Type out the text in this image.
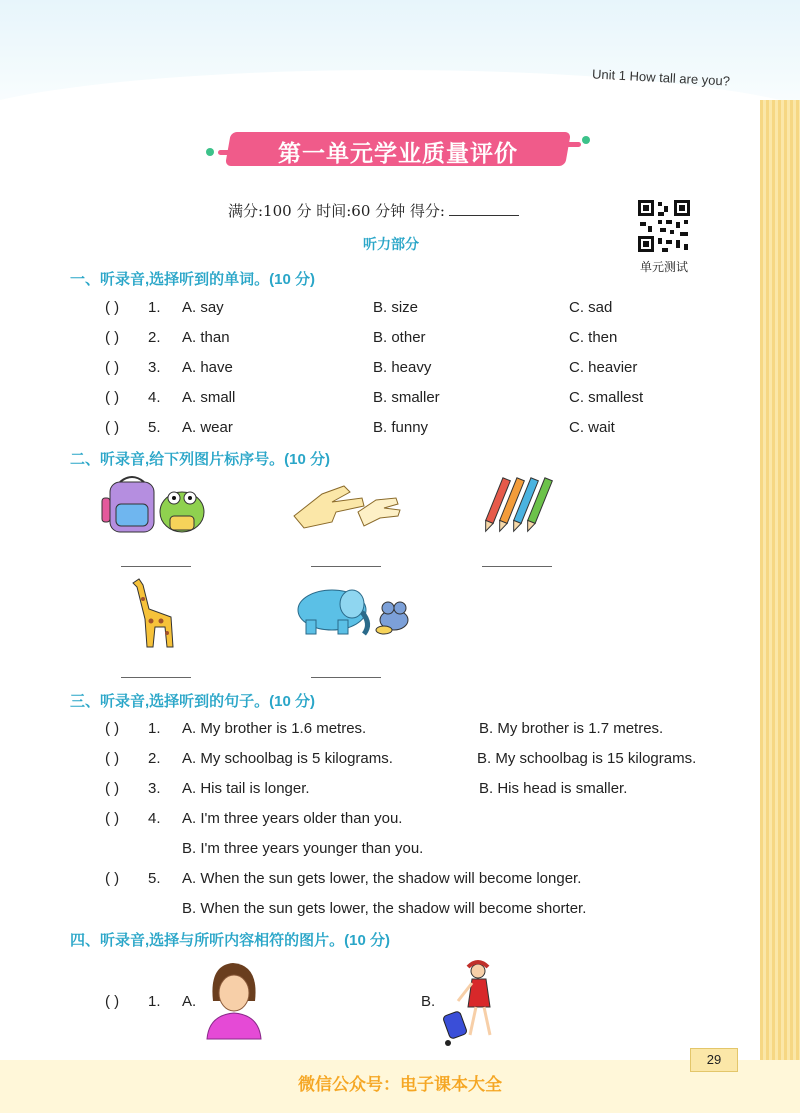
Unit 1 How tall are you?
第一单元学业质量评价
满分:100 分 时间:60 分钟 得分:
听力部分
单元测试
一、听录音,选择听到的单词。(10 分)
( ) 1. A. say	B. size	C. sad
( ) 2. A. than	B. other	C. then
( ) 3. A. have	B. heavy	C. heavier
( ) 4. A. small	B. smaller	C. smallest
( ) 5. A. wear	B. funny	C. wait
二、听录音,给下列图片标序号。(10 分)
三、听录音,选择听到的句子。(10 分)
( ) 1. A. My brother is 1.6 metres.	B. My brother is 1.7 metres.
( ) 2. A. My schoolbag is 5 kilograms.	B. My schoolbag is 15 kilograms.
( ) 3. A. His tail is longer.	B. His head is smaller.
( ) 4. A. I'm three years older than you.
B. I'm three years younger than you.
( ) 5. A. When the sun gets lower, the shadow will become longer.
B. When the sun gets lower, the shadow will become shorter.
四、听录音,选择与所听内容相符的图片。(10 分)
( ) 1. A.	B.
29
微信公众号：电子课本大全
